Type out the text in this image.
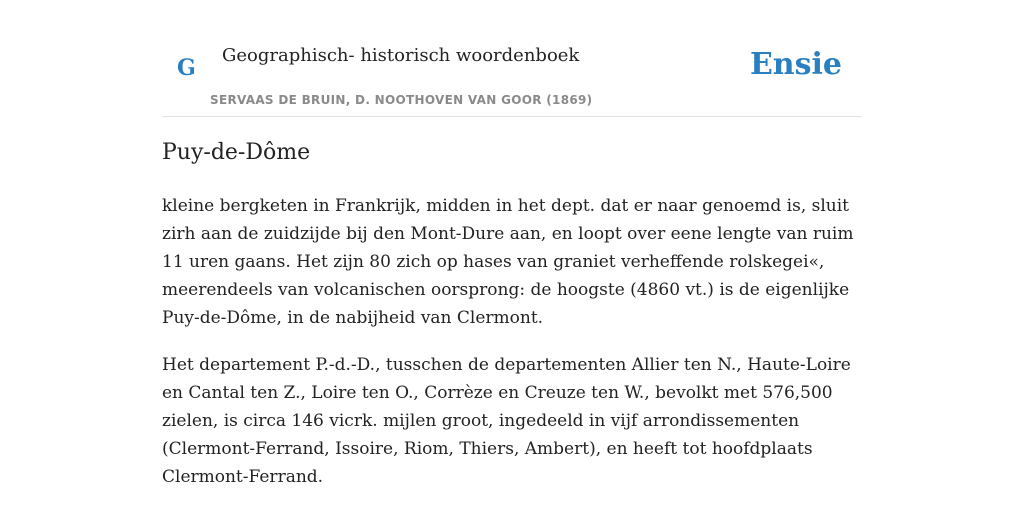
G Geographisch- historisch woordenboek
SERVAAS DE BRUIN, D. NOOTHOVEN VAN GOOR (1869)
Ensie
Puy-de-Dôme

kleine bergketen in Frankrijk, midden in het dept. dat er naar genoemd is, sluit zirh aan de zuidzijde bij den Mont-Dure aan, en loopt over eene lengte van ruim 11 uren gaans. Het zijn 80 zich op hases van graniet verheffende rolskegei«, meerendeels van volcanischen oorsprong: de hoogste (4860 vt.) is de eigenlijke Puy-de-Dôme, in de nabijheid van Clermont.

Het departement P.-d.-D., tusschen de departementen Allier ten N., Haute-Loire en Cantal ten Z., Loire ten O., Corrèze en Creuze ten W., bevolkt met 576,500 zielen, is circa 146 vicrk. mijlen groot, ingedeeld in vijf arrondissementen (Clermont-Ferrand, Issoire, Riom, Thiers, Ambert), en heeft tot hoofdplaats Clermont-Ferrand.
